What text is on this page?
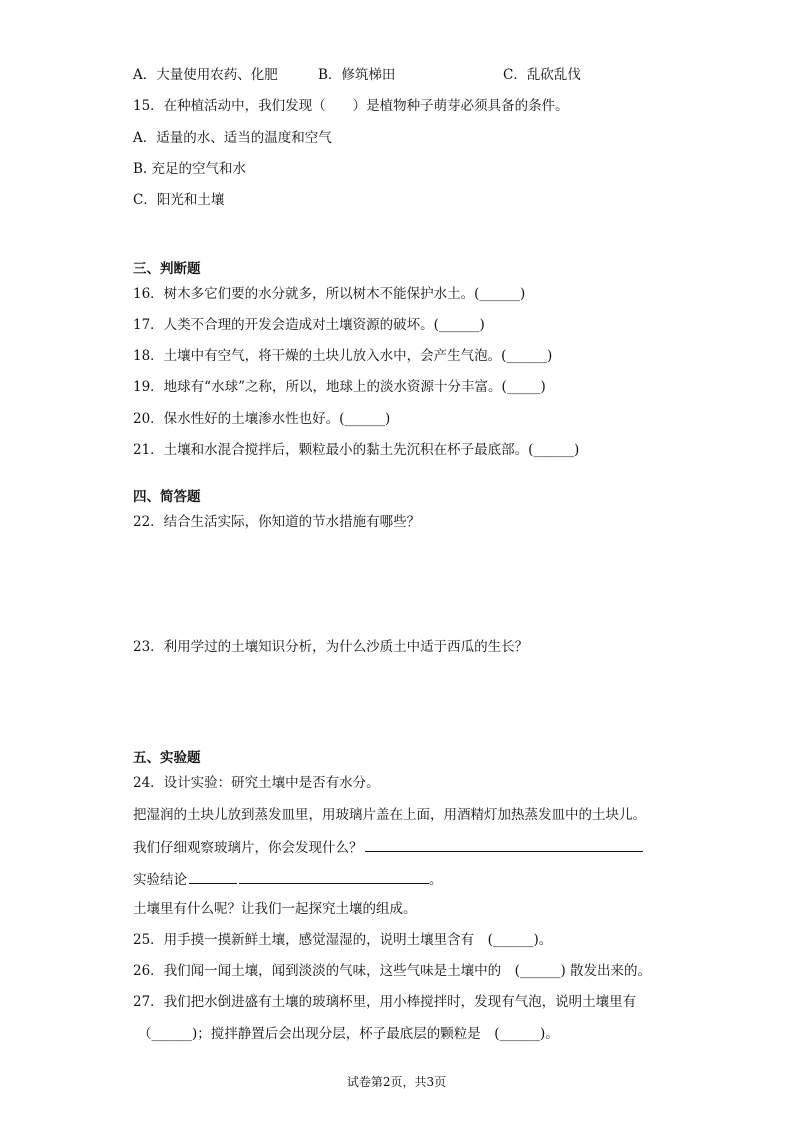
A．大量使用农药、化肥	B．修筑梯田	C．乱砍乱伐
15．在种植活动中，我们发现（　　）是植物种子萌芽必须具备的条件。
A．适量的水、适当的温度和空气
B. 充足的空气和水
C．阳光和土壤
三、判断题
16．树木多它们要的水分就多，所以树木不能保护水土。(______)
17．人类不合理的开发会造成对土壤资源的破坏。(______)
18．土壤中有空气，将干燥的土块儿放入水中，会产生气泡。(______)
19．地球有“水球”之称，所以，地球上的淡水资源十分丰富。(_____)
20．保水性好的土壤渗水性也好。(______)
21．土壤和水混合搅拌后，颗粒最小的黏土先沉积在杯子最底部。(______)
四、简答题
22．结合生活实际，你知道的节水措施有哪些？
23．利用学过的土壤知识分析，为什么沙质土中适于西瓜的生长？
五、实验题
24．设计实验：研究土壤中是否有水分。
把湿润的土块儿放到蒸发皿里，用玻璃片盖在上面，用酒精灯加热蒸发皿中的土块儿。
我们仔细观察玻璃片，你会发现什么？
实验结论	。
土壤里有什么呢？让我们一起探究土壤的组成。
25．用手摸一摸新鲜土壤，感觉湿湿的，说明土壤里含有　(______)。
26．我们闻一闻土壤，闻到淡淡的气味，这些气味是土壤中的　(______) 散发出来的。
27．我们把水倒进盛有土壤的玻璃杯里，用小棒搅拌时，发现有气泡，说明土壤里有
（______)；搅拌静置后会出现分层，杯子最底层的颗粒是　(______)。
试卷第2页，共3页
